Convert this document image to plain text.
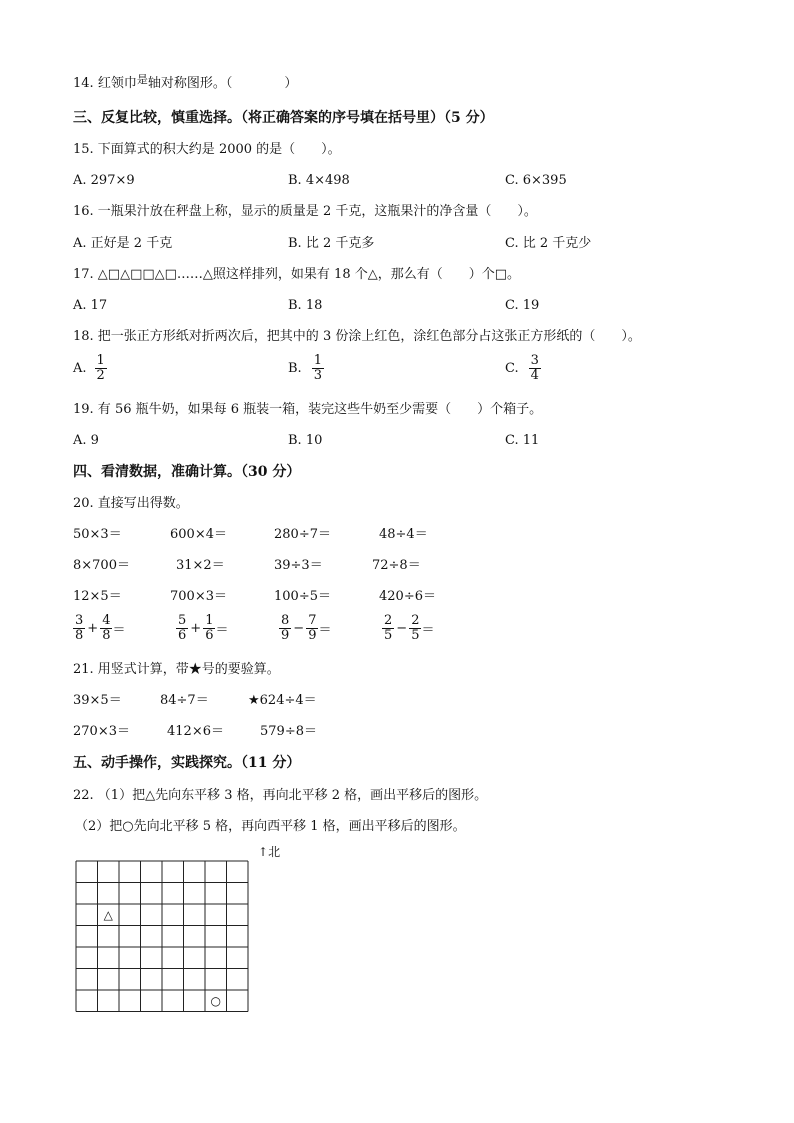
14. 红领巾$^是$轴对称图形。（　　　　	）
三、反复比较，慎重选择。（将正确答案的序号填在括号里）（5 分）
15. 下面算式的积大约是 2000 的是（　　）。
A. 297×9	B. 4×498	C. 6×395
16. 一瓶果汁放在秤盘上称，显示的质量是 2 千克，这瓶果汁的净含量（　　）。
A. 正好是 2 千克	B. 比 2 千克多	C. 比 2 千克少
17. △□△□□△□……△照这样排列，如果有 18 个△，那么有（　　）个□。
A. 17	B. 18	C. 19
18. 把一张正方形纸对折两次后，把其中的 3 份涂上红色，涂红色部分占这张正方形纸的（　　）。
A. $\frac{1}{2}$	B. $\frac{1}{3}$	C. $\frac{3}{4}$
19. 有 56 瓶牛奶，如果每 6 瓶装一箱，装完这些牛奶至少需要（　　）个箱子。
A. 9	B. 10	C. 11
四、看清数据，准确计算。（30 分）
20. 直接写出得数。
50×3＝	600×4＝	280÷7＝	48÷4＝
8×700＝	31×2＝	39÷3＝	72÷8＝
12×5＝	700×3＝	100÷5＝	420÷6＝
$\frac{3}{8} + \frac{4}{8}$ ＝	$\frac{5}{6} + \frac{1}{6}$ ＝	$\frac{8}{9} - \frac{7}{9}$ ＝	$\frac{2}{5} - \frac{2}{5}$ ＝
21. 用竖式计算，带★号的要验算。
39×5＝	84÷7＝	★624÷4＝
270×3＝	412×6＝	579÷8＝
五、动手操作，实践探究。（11 分）
22. （1）把△先向东平移 3 格，再向北平移 2 格，画出平移后的图形。
（2）把○先向北平移 5 格，再向西平移 1 格，画出平移后的图形。
↑北
△
○
